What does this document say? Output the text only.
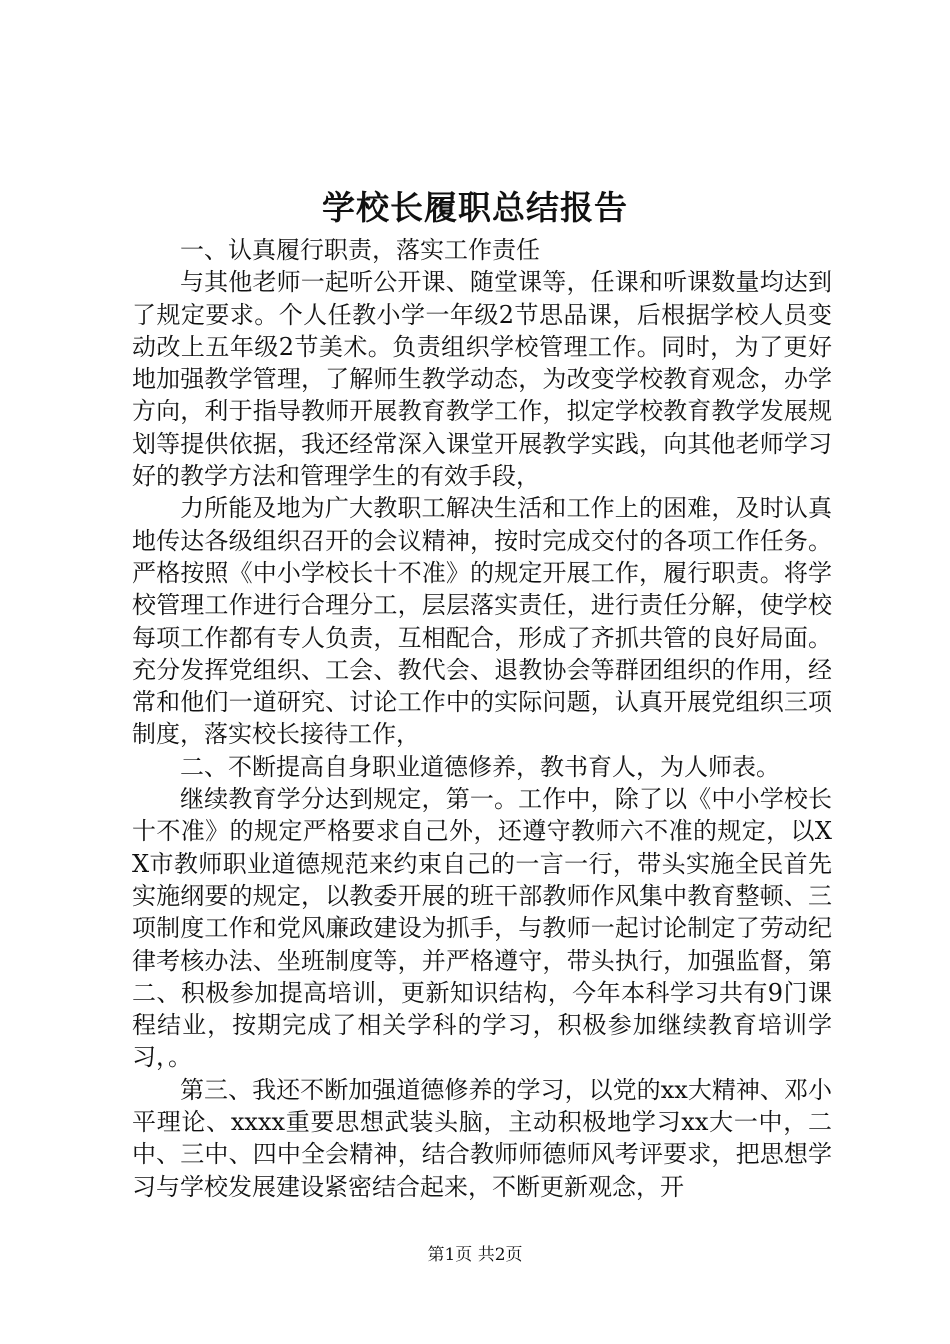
学校长履职总结报告

一、认真履行职责，落实工作责任

与其他老师一起听公开课、随堂课等，任课和听课数量均达到了规定要求。个人任教小学一年级2节思品课，后根据学校人员变动改上五年级2节美术。负责组织学校管理工作。同时，为了更好地加强教学管理，了解师生教学动态，为改变学校教育观念，办学方向，利于指导教师开展教育教学工作，拟定学校教育教学发展规划等提供依据，我还经常深入课堂开展教学实践，向其他老师学习好的教学方法和管理学生的有效手段，

力所能及地为广大教职工解决生活和工作上的困难，及时认真地传达各级组织召开的会议精神，按时完成交付的各项工作任务。严格按照《中小学校长十不准》的规定开展工作，履行职责。将学校管理工作进行合理分工，层层落实责任，进行责任分解，使学校每项工作都有专人负责，互相配合，形成了齐抓共管的良好局面。充分发挥党组织、工会、教代会、退教协会等群团组织的作用，经常和他们一道研究、讨论工作中的实际问题，认真开展党组织三项制度，落实校长接待工作，

二、不断提高自身职业道德修养，教书育人，为人师表。

继续教育学分达到规定，第一。工作中，除了以《中小学校长十不准》的规定严格要求自己外，还遵守教师六不准的规定，以XX市教师职业道德规范来约束自己的一言一行，带头实施全民首先实施纲要的规定，以教委开展的班干部教师作风集中教育整顿、三项制度工作和党风廉政建设为抓手，与教师一起讨论制定了劳动纪律考核办法、坐班制度等，并严格遵守，带头执行，加强监督，第二、积极参加提高培训，更新知识结构，今年本科学习共有9门课程结业，按期完成了相关学科的学习，积极参加继续教育培训学习，。

第三、我还不断加强道德修养的学习，以党的xx大精神、邓小平理论、xxxx重要思想武装头脑，主动积极地学习xx大一中，二中、三中、四中全会精神，结合教师师德师风考评要求，把思想学习与学校发展建设紧密结合起来，不断更新观念，开

第1页 共2页
